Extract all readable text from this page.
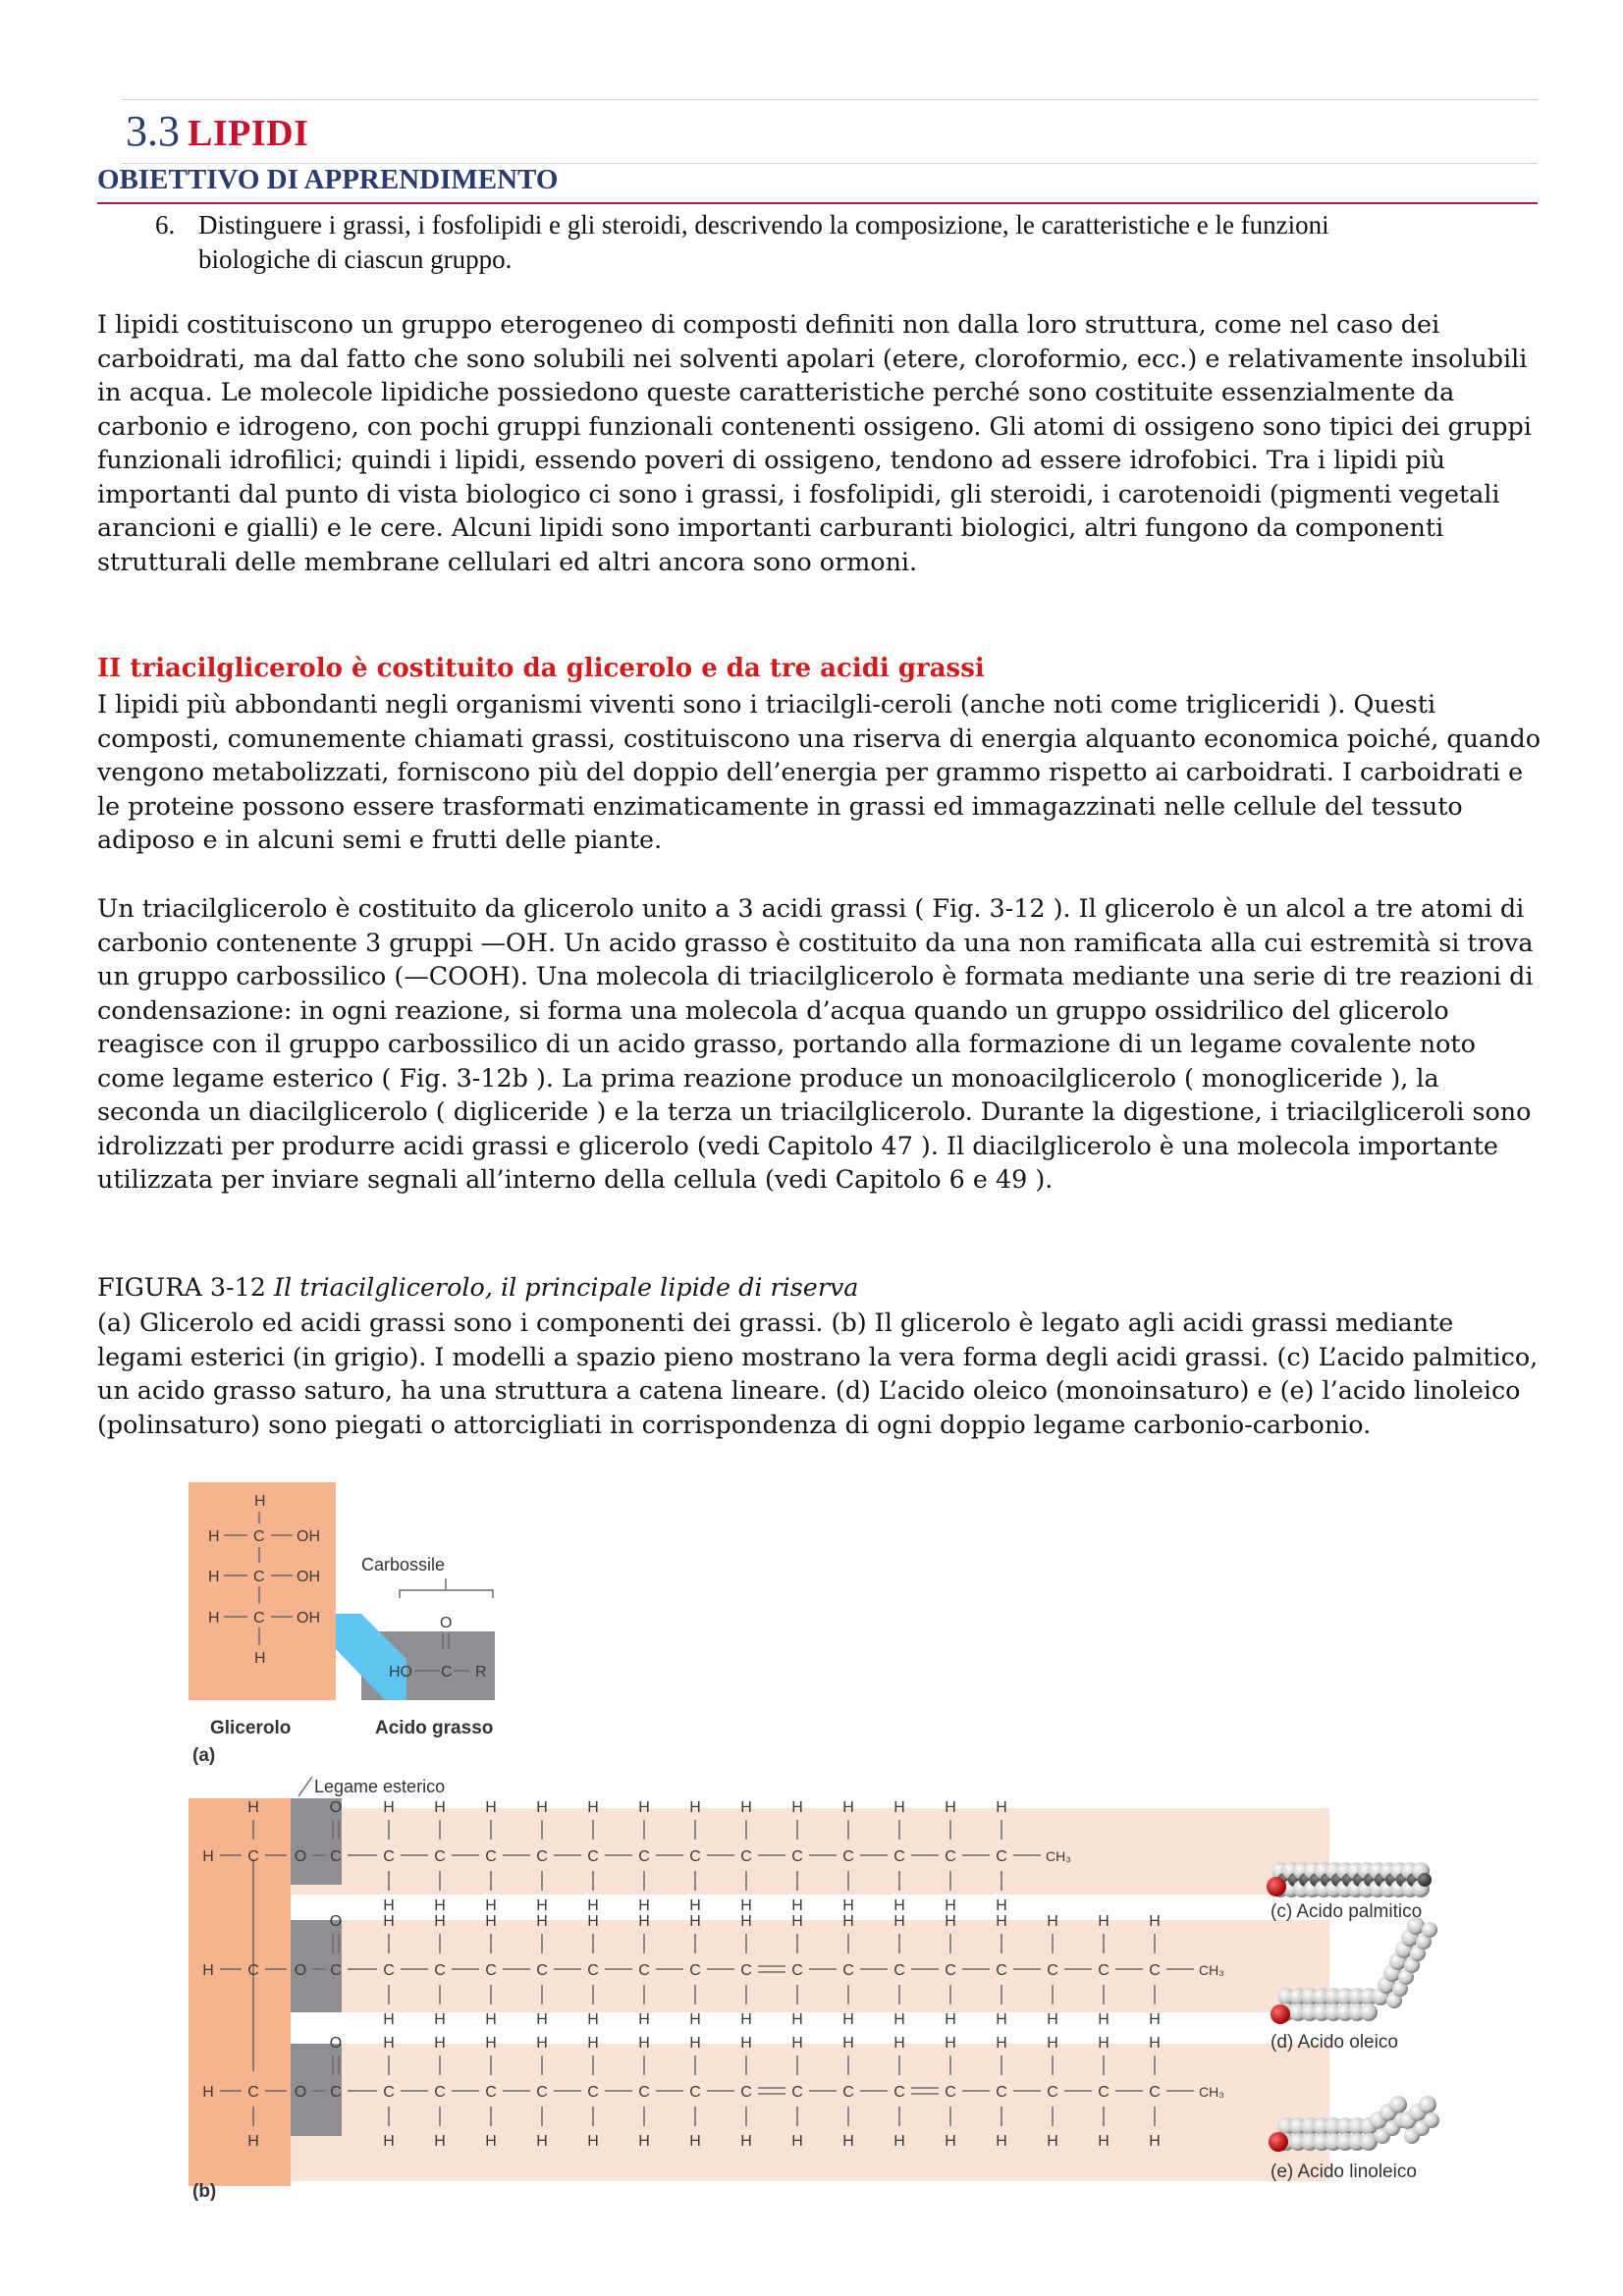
3.3 LIPIDI
OBIETTIVO DI APPRENDIMENTO
6. Distinguere i grassi, i fosfolipidi e gli steroidi, descrivendo la composizione, le caratteristiche e le funzioni biologiche di ciascun gruppo.
I lipidi costituiscono un gruppo eterogeneo di composti definiti non dalla loro struttura, come nel caso dei carboidrati, ma dal fatto che sono solubili nei solventi apolari (etere, cloroformio, ecc.) e relativamente insolubili in acqua. Le molecole lipidiche possiedono queste caratteristiche perché sono costituite essenzialmente da carbonio e idrogeno, con pochi gruppi funzionali contenenti ossigeno. Gli atomi di ossigeno sono tipici dei gruppi funzionali idrofilici; quindi i lipidi, essendo poveri di ossigeno, tendono ad essere idrofobici. Tra i lipidi più importanti dal punto di vista biologico ci sono i grassi, i fosfolipidi, gli steroidi, i carotenoidi (pigmenti vegetali arancioni e gialli) e le cere. Alcuni lipidi sono importanti carburanti biologici, altri fungono da componenti strutturali delle membrane cellulari ed altri ancora sono ormoni.
II triacilglicerolo è costituito da glicerolo e da tre acidi grassi
I lipidi più abbondanti negli organismi viventi sono i triacilgli-ceroli (anche noti come trigliceridi ). Questi composti, comunemente chiamati grassi, costituiscono una riserva di energia alquanto economica poiché, quando vengono metabolizzati, forniscono più del doppio dell’energia per grammo rispetto ai carboidrati. I carboidrati e le proteine possono essere trasformati enzimaticamente in grassi ed immagazzinati nelle cellule del tessuto adiposo e in alcuni semi e frutti delle piante.
Un triacilglicerolo è costituito da glicerolo unito a 3 acidi grassi ( Fig. 3-12 ). Il glicerolo è un alcol a tre atomi di carbonio contenente 3 gruppi —OH. Un acido grasso è costituito da una non ramificata alla cui estremità si trova un gruppo carbossilico (—COOH). Una molecola di triacilglicerolo è formata mediante una serie di tre reazioni di condensazione: in ogni reazione, si forma una molecola d’acqua quando un gruppo ossidrilico del glicerolo reagisce con il gruppo carbossilico di un acido grasso, portando alla formazione di un legame covalente noto come legame esterico ( Fig. 3-12b ). La prima reazione produce un monoacilglicerolo ( monogliceride ), la seconda un diacilglicerolo ( digliceride ) e la terza un triacilglicerolo. Durante la digestione, i triacilgliceroli sono idrolizzati per produrre acidi grassi e glicerolo (vedi Capitolo 47 ). Il diacilglicerolo è una molecola importante utilizzata per inviare segnali all’interno della cellula (vedi Capitolo 6 e 49 ).
FIGURA 3-12 Il triacilglicerolo, il principale lipide di riserva
(a) Glicerolo ed acidi grassi sono i componenti dei grassi. (b) Il glicerolo è legato agli acidi grassi mediante legami esterici (in grigio). I modelli a spazio pieno mostrano la vera forma degli acidi grassi. (c) L’acido palmitico, un acido grasso saturo, ha una struttura a catena lineare. (d) L’acido oleico (monoinsaturo) e (e) l’acido linoleico (polinsaturo) sono piegati o attorcigliati in corrispondenza di ogni doppio legame carbonio-carbonio.
H
H C OH
H C OH
H C OH
H
O
HO C R
Carbossile
Glicerolo	Acido grasso
(a)
Legame esterico
H C O C
O
H
C
H
H
C
H
H
C
H
H
C
H
H
C
H
H
C
H
H
C
H
H
C
H
H
C
H
H
C
H
H
C
H
H
C
H
H
C
H
H
CH₃
H C O C
O
C
H
H
C
H
H
C
H
H
C
H
H
C
H
H
C
H
H
C
H
H
C
H
H
C
H
H
C
H
H
C
H
H
C
H
H
C
H
H
C
H
H
C
H
H
C
H
H
CH₃
H C O C
O
H
C
H
H
C
H
H
C
H
H
C
H
H
C
H
H
C
H
H
C
H
H
C
H
H
C
H
H
C
H
H
C
H
H
C
H
H
C
H
H
C
H
H
C
H
H
C
H
H
CH₃
(b)
(c) Acido palmitico
(d) Acido oleico
(e) Acido linoleico
